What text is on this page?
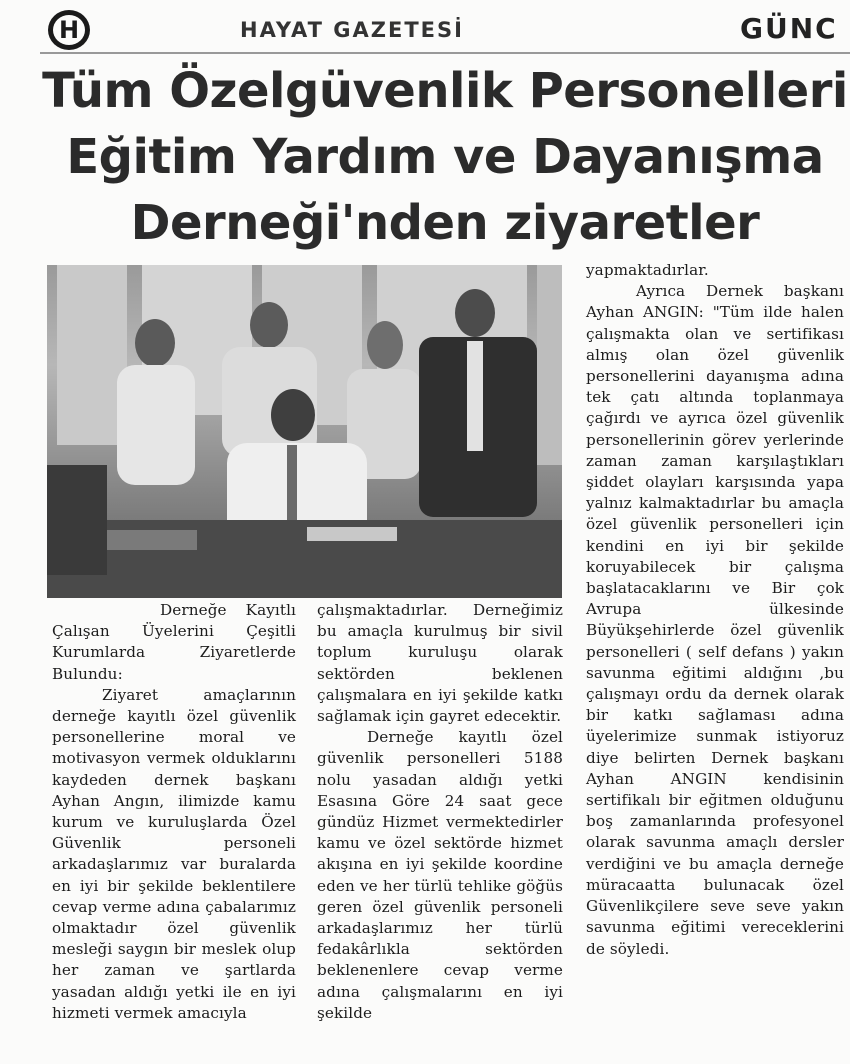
H	HAYAT GAZETESİ	GÜNC
Tüm Özelgüvenlik Personelleri
Eğitim Yardım ve Dayanışma
Derneği'nden ziyaretler

Derneğe Kayıtlı Çalışan Üyelerini Çeşitli Kurumlarda Ziyaretlerde Bulundu:

Ziyaret amaçlarının derneğe kayıtlı özel güvenlik personellerine moral ve motivasyon vermek olduklarını kaydeden dernek başkanı Ayhan Angın, ilimizde kamu kurum ve kuruluşlarda Özel Güvenlik personeli arkadaşlarımız var buralarda en iyi bir şekilde beklentilere cevap verme adına çabalarımız olmaktadır özel güvenlik mesleği saygın bir meslek olup her zaman ve şartlarda yasadan aldığı yetki ile en iyi hizmeti vermek amacıyla

çalışmaktadırlar. Derneğimiz bu amaçla kurulmuş bir sivil toplum kuruluşu olarak sektörden beklenen çalışmalara en iyi şekilde katkı sağlamak için gayret edecektir.

Derneğe kayıtlı özel güvenlik personelleri 5188 nolu yasadan aldığı yetki Esasına Göre 24 saat gece gündüz Hizmet vermektedirler kamu ve özel sektörde hizmet akışına en iyi şekilde koordine eden ve her türlü tehlike göğüs geren özel güvenlik personeli arkadaşlarımız her türlü fedakârlıkla sektörden beklenenlere cevap verme adına çalışmalarını en iyi şekilde

yapmaktadırlar.

Ayrıca Dernek başkanı Ayhan ANGIN: "Tüm ilde halen çalışmakta olan ve sertifikası almış olan özel güvenlik personellerini dayanışma adına tek çatı altında toplanmaya çağırdı ve ayrıca özel güvenlik personellerinin görev yerlerinde zaman zaman karşılaştıkları şiddet olayları karşısında yapa yalnız kalmaktadırlar bu amaçla özel güvenlik personelleri için kendini en iyi bir şekilde koruyabilecek bir çalışma başlatacaklarını ve Bir çok Avrupa ülkesinde Büyükşehirlerde özel güvenlik personelleri ( self defans ) yakın savunma eğitimi aldığını ,bu çalışmayı ordu da dernek olarak bir katkı sağlaması adına üyelerimize sunmak istiyoruz diye belirten Dernek başkanı Ayhan ANGIN kendisinin sertifikalı bir eğitmen olduğunu boş zamanlarında profesyonel olarak savunma amaçlı dersler verdiğini ve bu amaçla derneğe müracaatta bulunacak özel Güvenlikçilere seve seve yakın savunma eğitimi vereceklerini de söyledi.
